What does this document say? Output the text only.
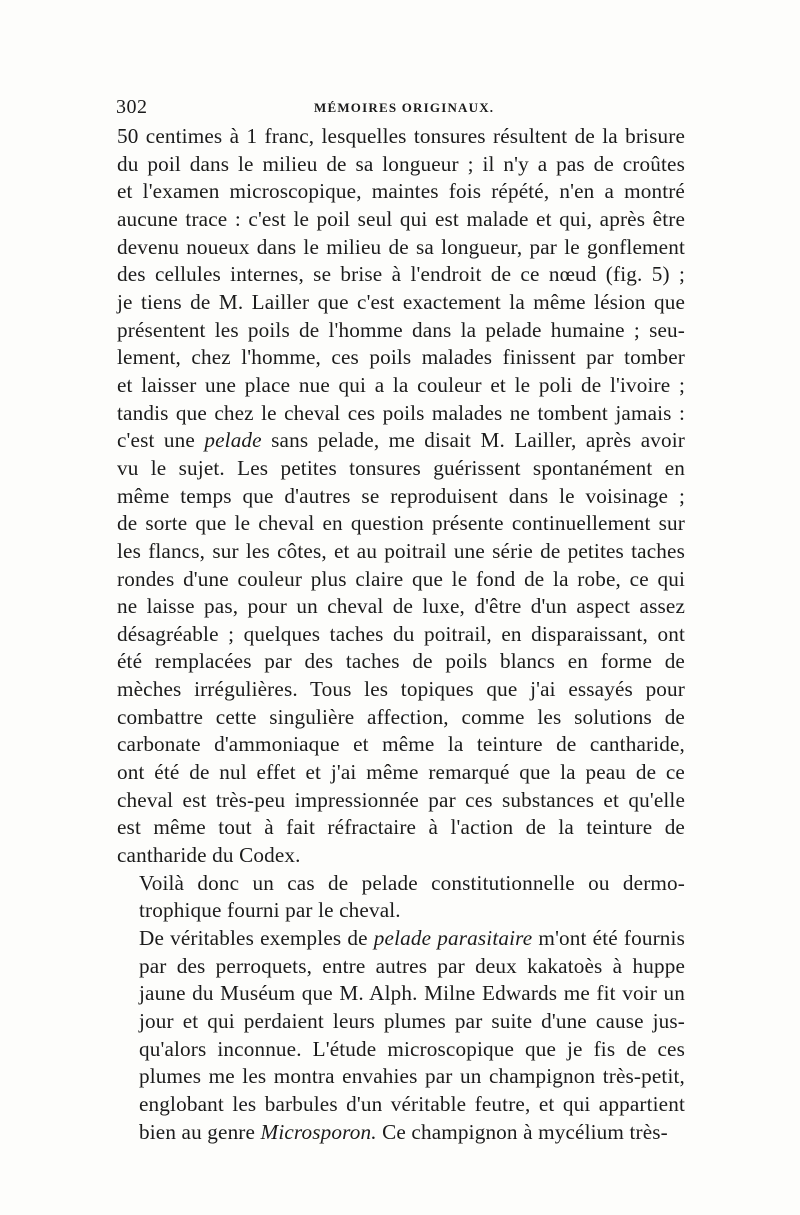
302	MÉMOIRES ORIGINAUX.

50 centimes à 1 franc, lesquelles tonsures résultent de la brisure
du poil dans le milieu de sa longueur ; il n'y a pas de croûtes
et l'examen microscopique, maintes fois répété, n'en a montré
aucune trace : c'est le poil seul qui est malade et qui, après être
devenu noueux dans le milieu de sa longueur, par le gonflement
des cellules internes, se brise à l'endroit de ce nœud (fig. 5) ;
je tiens de M. Lailler que c'est exactement la même lésion que
présentent les poils de l'homme dans la pelade humaine ; seu-
lement, chez l'homme, ces poils malades finissent par tomber
et laisser une place nue qui a la couleur et le poli de l'ivoire ;
tandis que chez le cheval ces poils malades ne tombent jamais :
c'est une pelade sans pelade, me disait M. Lailler, après avoir
vu le sujet. Les petites tonsures guérissent spontanément en
même temps que d'autres se reproduisent dans le voisinage ;
de sorte que le cheval en question présente continuellement sur
les flancs, sur les côtes, et au poitrail une série de petites taches
rondes d'une couleur plus claire que le fond de la robe, ce qui
ne laisse pas, pour un cheval de luxe, d'être d'un aspect assez
désagréable ; quelques taches du poitrail, en disparaissant, ont
été remplacées par des taches de poils blancs en forme de
mèches irrégulières. Tous les topiques que j'ai essayés pour
combattre cette singulière affection, comme les solutions de
carbonate d'ammoniaque et même la teinture de cantharide,
ont été de nul effet et j'ai même remarqué que la peau de ce
cheval est très-peu impressionnée par ces substances et qu'elle
est même tout à fait réfractaire à l'action de la teinture de
cantharide du Codex.

Voilà donc un cas de pelade constitutionnelle ou dermo-
trophique fourni par le cheval.

De véritables exemples de pelade parasitaire m'ont été fournis
par des perroquets, entre autres par deux kakatoès à huppe
jaune du Muséum que M. Alph. Milne Edwards me fit voir un
jour et qui perdaient leurs plumes par suite d'une cause jus-
qu'alors inconnue. L'étude microscopique que je fis de ces
plumes me les montra envahies par un champignon très-petit,
englobant les barbules d'un véritable feutre, et qui appartient
bien au genre Microsporon. Ce champignon à mycélium très-
